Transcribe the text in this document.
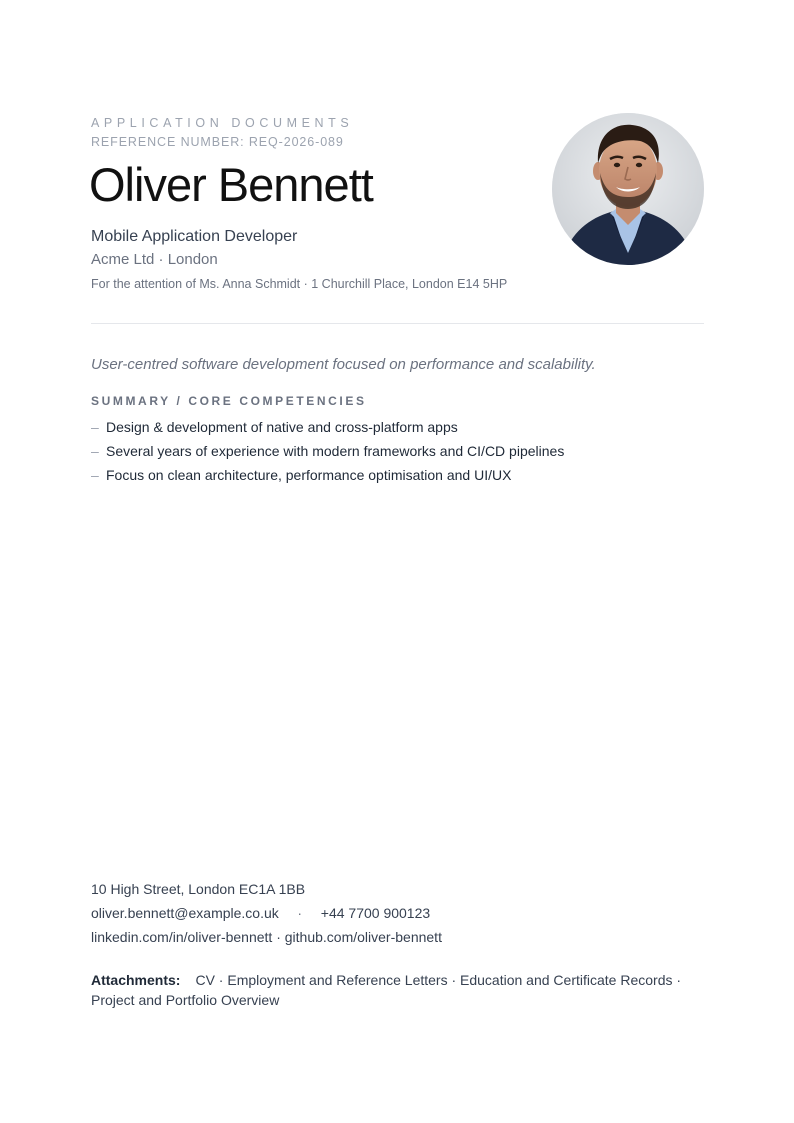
APPLICATION DOCUMENTS
REFERENCE NUMBER: REQ-2026-089
Oliver Bennett
Mobile Application Developer
Acme Ltd · London
For the attention of Ms. Anna Schmidt · 1 Churchill Place, London E14 5HP
User-centred software development focused on performance and scalability.
SUMMARY / CORE COMPETENCIES
– Design & development of native and cross-platform apps
– Several years of experience with modern frameworks and CI/CD pipelines
– Focus on clean architecture, performance optimisation and UI/UX
10 High Street, London EC1A 1BB
oliver.bennett@example.co.uk · +44 7700 900123
linkedin.com/in/oliver-bennett · github.com/oliver-bennett
Attachments: CV · Employment and Reference Letters · Education and Certificate Records · Project and Portfolio Overview
